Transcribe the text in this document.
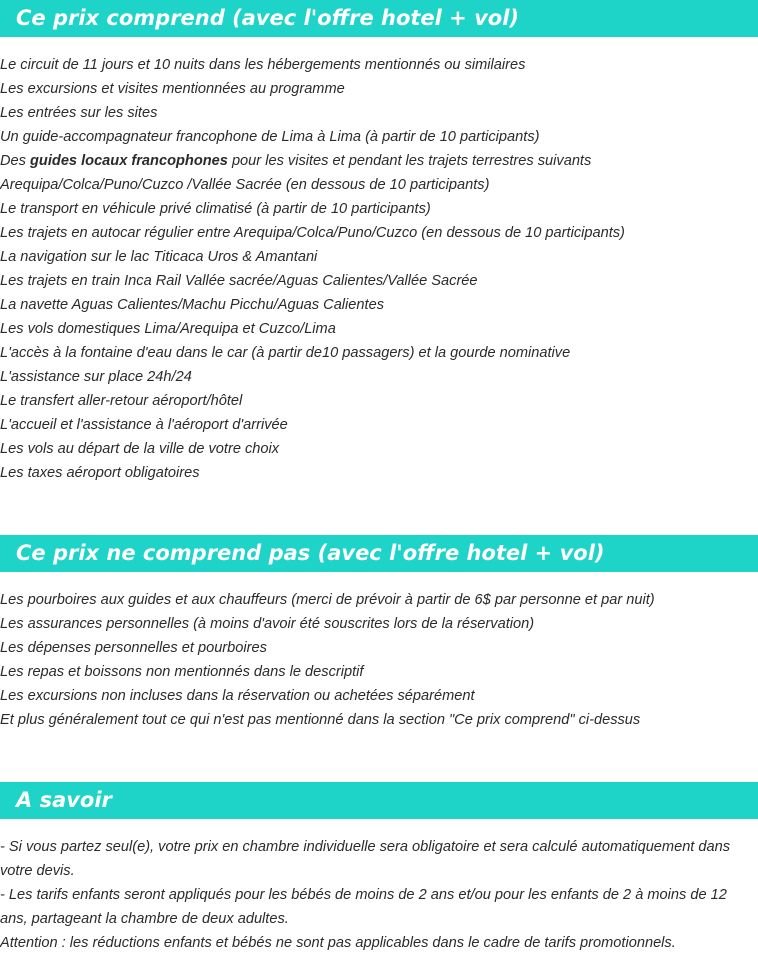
Ce prix comprend (avec l'offre hotel + vol)
Le circuit de 11 jours et 10 nuits dans les hébergements mentionnés ou similaires
Les excursions et visites mentionnées au programme
Les entrées sur les sites
Un guide-accompagnateur francophone de Lima à Lima (à partir de 10 participants)
Des guides locaux francophones pour les visites et pendant les trajets terrestres suivants Arequipa/Colca/Puno/Cuzco /Vallée Sacrée (en dessous de 10 participants)
Le transport en véhicule privé climatisé (à partir de 10 participants)
Les trajets en autocar régulier entre Arequipa/Colca/Puno/Cuzco (en dessous de 10 participants)
La navigation sur le lac Titicaca Uros & Amantani
Les trajets en train Inca Rail Vallée sacrée/Aguas Calientes/Vallée Sacrée
La navette Aguas Calientes/Machu Picchu/Aguas Calientes
Les vols domestiques Lima/Arequipa et Cuzco/Lima
L'accès à la fontaine d'eau dans le car (à partir de10 passagers) et la gourde nominative
L'assistance sur place 24h/24
Le transfert aller-retour aéroport/hôtel
L'accueil et l'assistance à l'aéroport d'arrivée
Les vols au départ de la ville de votre choix
Les taxes aéroport obligatoires
Ce prix ne comprend pas (avec l'offre hotel + vol)
Les pourboires aux guides et aux chauffeurs (merci de prévoir à partir de 6$ par personne et par nuit)
Les assurances personnelles (à moins d'avoir été souscrites lors de la réservation)
Les dépenses personnelles et pourboires
Les repas et boissons non mentionnés dans le descriptif
Les excursions non incluses dans la réservation ou achetées séparément
Et plus généralement tout ce qui n'est pas mentionné dans la section "Ce prix comprend" ci-dessus
A savoir
- Si vous partez seul(e), votre prix en chambre individuelle sera obligatoire et sera calculé automatiquement dans votre devis.
- Les tarifs enfants seront appliqués pour les bébés de moins de 2 ans et/ou pour les enfants de 2 à moins de 12 ans, partageant la chambre de deux adultes.
Attention : les réductions enfants et bébés ne sont pas applicables dans le cadre de tarifs promotionnels.
